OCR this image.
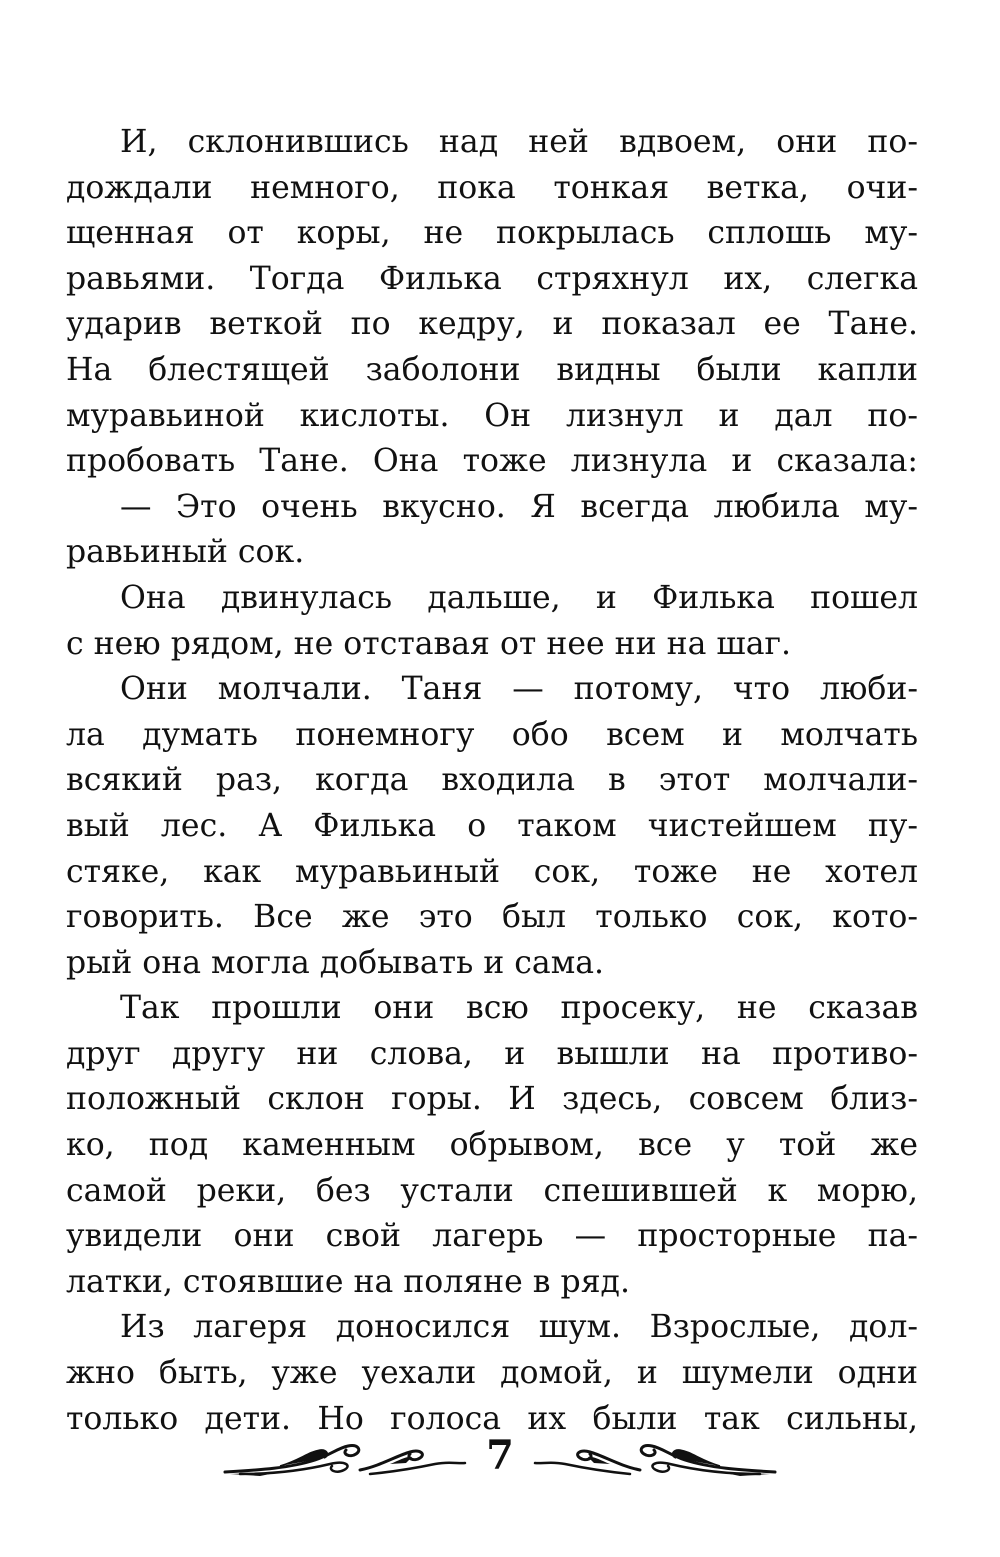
И, склонившись над ней вдвоем, они по-
дождали немного, пока тонкая ветка, очи-
щенная от коры, не покрылась сплошь му-
равьями. Тогда Филька стряхнул их, слегка
ударив веткой по кедру, и показал ее Тане.
На блестящей заболони видны были капли
муравьиной кислоты. Он лизнул и дал по-
пробовать Тане. Она тоже лизнула и сказала:
— Это очень вкусно. Я всегда любила му-
равьиный сок.
Она двинулась дальше, и Филька пошел
с нею рядом, не отставая от нее ни на шаг.
Они молчали. Таня — потому, что люби-
ла думать понемногу обо всем и молчать
всякий раз, когда входила в этот молчали-
вый лес. А Филька о таком чистейшем пу-
стяке, как муравьиный сок, тоже не хотел
говорить. Все же это был только сок, кото-
рый она могла добывать и сама.
Так прошли они всю просеку, не сказав
друг другу ни слова, и вышли на противо-
положный склон горы. И здесь, совсем близ-
ко, под каменным обрывом, все у той же
самой реки, без устали спешившей к морю,
увидели они свой лагерь — просторные па-
латки, стоявшие на поляне в ряд.
Из лагеря доносился шум. Взрослые, дол-
жно быть, уже уехали домой, и шумели одни
только дети. Но голоса их были так сильны,
7
